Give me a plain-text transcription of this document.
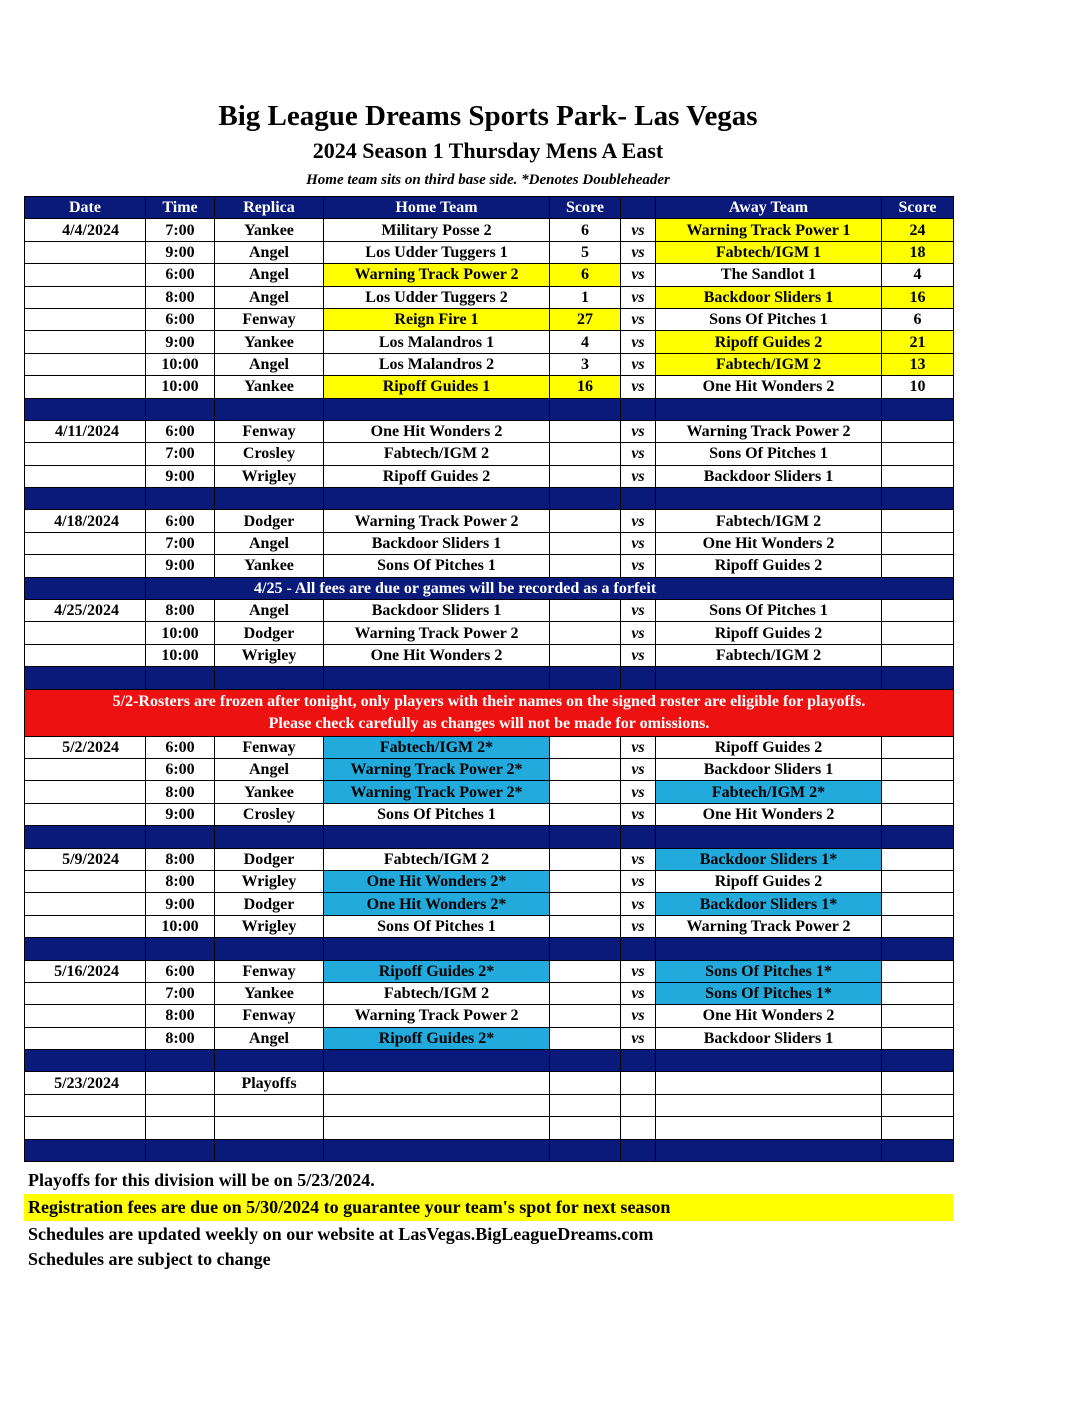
Big League Dreams Sports Park- Las Vegas
2024 Season 1 Thursday Mens A East
Home team sits on third base side. *Denotes Doubleheader
Date	Time	Replica	Home Team	Score		Away Team	Score
4/4/2024	7:00	Yankee	Military Posse 2	6	vs	Warning Track Power 1	24
	9:00	Angel	Los Udder Tuggers 1	5	vs	Fabtech/IGM 1	18
	6:00	Angel	Warning Track Power 2	6	vs	The Sandlot 1	4
	8:00	Angel	Los Udder Tuggers 2	1	vs	Backdoor Sliders 1	16
	6:00	Fenway	Reign Fire 1	27	vs	Sons Of Pitches 1	6
	9:00	Yankee	Los Malandros 1	4	vs	Ripoff Guides 2	21
	10:00	Angel	Los Malandros 2	3	vs	Fabtech/IGM 2	13
	10:00	Yankee	Ripoff Guides 1	16	vs	One Hit Wonders 2	10

4/11/2024	6:00	Fenway	One Hit Wonders 2		vs	Warning Track Power 2	
	7:00	Crosley	Fabtech/IGM 2		vs	Sons Of Pitches 1	
	9:00	Wrigley	Ripoff Guides 2		vs	Backdoor Sliders 1	

4/18/2024	6:00	Dodger	Warning Track Power 2		vs	Fabtech/IGM 2	
	7:00	Angel	Backdoor Sliders 1		vs	One Hit Wonders 2	
	9:00	Yankee	Sons Of Pitches 1		vs	Ripoff Guides 2	
	4/25 - All fees are due or games will be recorded as a forfeit						
4/25/2024	8:00	Angel	Backdoor Sliders 1		vs	Sons Of Pitches 1	
	10:00	Dodger	Warning Track Power 2		vs	Ripoff Guides 2	
	10:00	Wrigley	One Hit Wonders 2		vs	Fabtech/IGM 2	

5/2-Rosters are frozen after tonight, only players with their names on the signed roster are eligible for playoffs.
Please check carefully as changes will not be made for omissions.							

5/2/2024	6:00	Fenway	Fabtech/IGM 2*		vs	Ripoff Guides 2	
	6:00	Angel	Warning Track Power 2*		vs	Backdoor Sliders 1	
	8:00	Yankee	Warning Track Power 2*		vs	Fabtech/IGM 2*	
	9:00	Crosley	Sons Of Pitches 1		vs	One Hit Wonders 2	

5/9/2024	8:00	Dodger	Fabtech/IGM 2		vs	Backdoor Sliders 1*	
	8:00	Wrigley	One Hit Wonders 2*		vs	Ripoff Guides 2	
	9:00	Dodger	One Hit Wonders 2*		vs	Backdoor Sliders 1*	
	10:00	Wrigley	Sons Of Pitches 1		vs	Warning Track Power 2	

5/16/2024	6:00	Fenway	Ripoff Guides 2*		vs	Sons Of Pitches 1*	
	7:00	Yankee	Fabtech/IGM 2		vs	Sons Of Pitches 1*	
	8:00	Fenway	Warning Track Power 2		vs	One Hit Wonders 2	
	8:00	Angel	Ripoff Guides 2*		vs	Backdoor Sliders 1	

5/23/2024		Playoffs					

Playoffs for this division will be on 5/23/2024.
Registration fees are due on 5/30/2024 to guarantee your team's spot for next season
Schedules are updated weekly on our website at LasVegas.BigLeagueDreams.com
Schedules are subject to change
